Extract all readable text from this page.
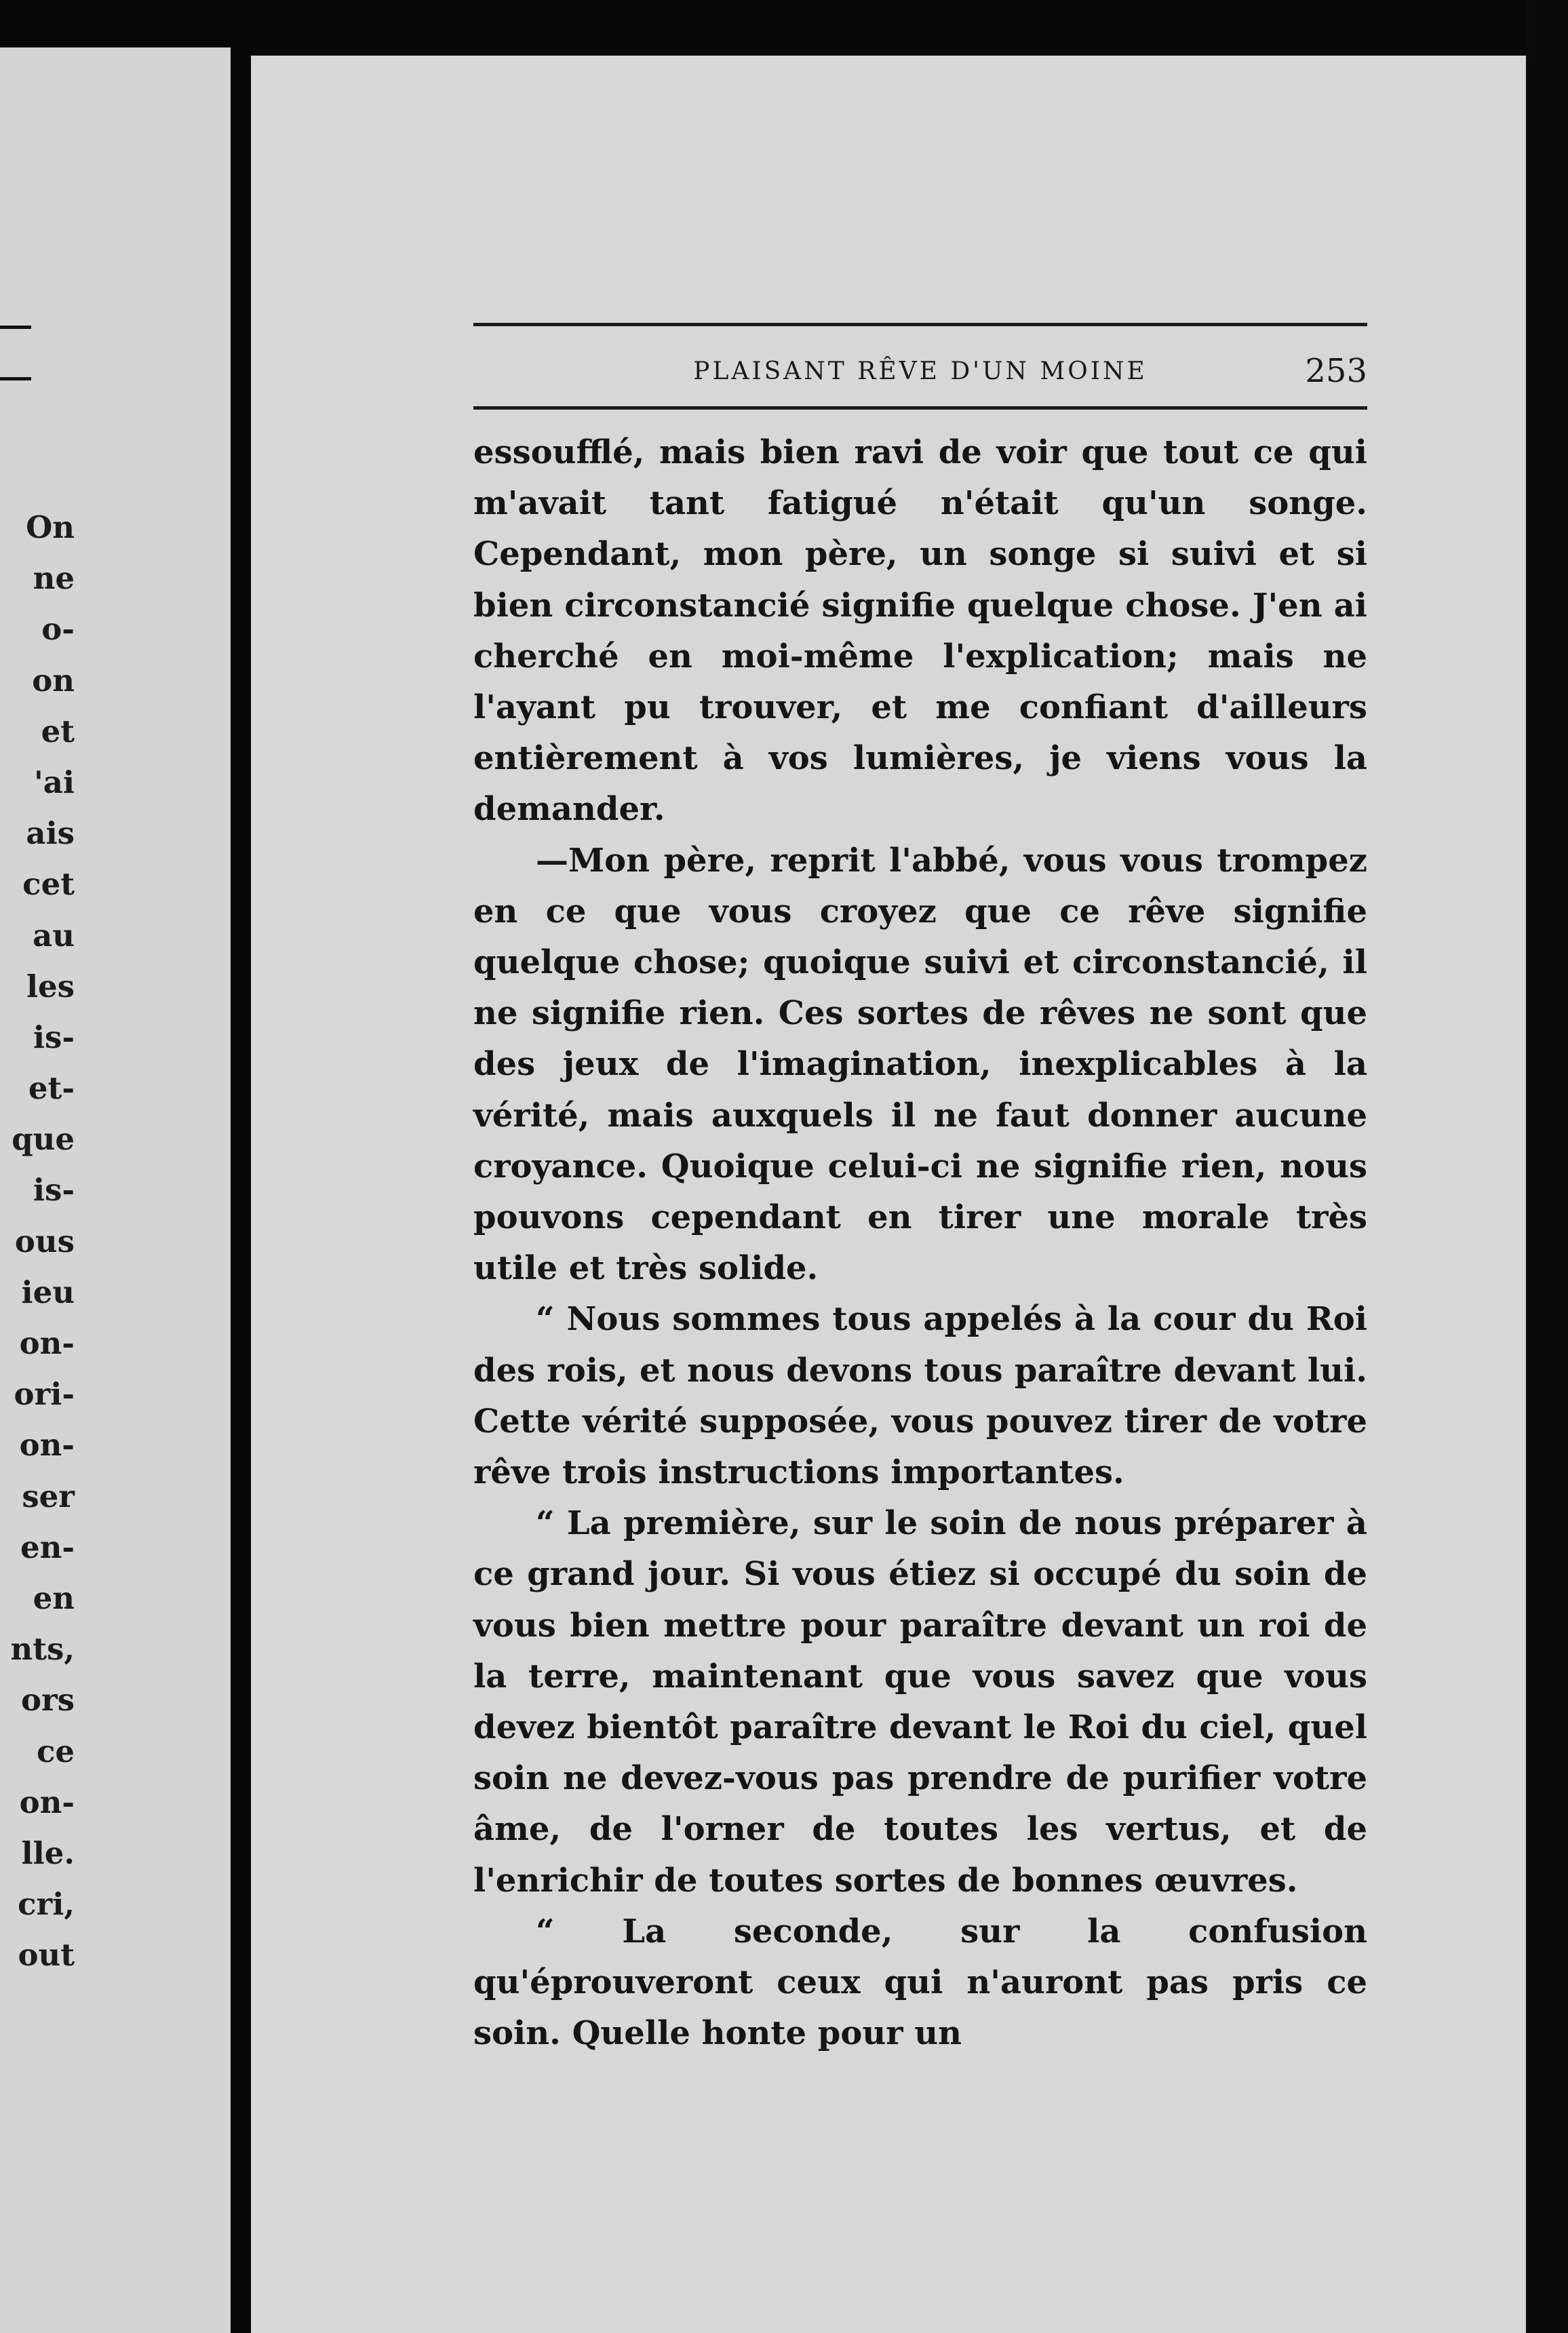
On
ne
o-
on
et
'ai
ais
cet
au
les
is-
et-
que
is-
ous
ieu
on-
ori-
on-
ser
en-
en
nts,
ors
ce
on-
lle.
cri,
out
PLAISANT RÊVE D'UN MOINE	253

essoufflé, mais bien ravi de voir que tout ce qui m'avait tant fatigué n'était qu'un songe. Cependant, mon père, un songe si suivi et si bien circonstancié signifie quelque chose. J'en ai cherché en moi-même l'explication; mais ne l'ayant pu trouver, et me confiant d'ailleurs entièrement à vos lumières, je viens vous la demander.

—Mon père, reprit l'abbé, vous vous trompez en ce que vous croyez que ce rêve signifie quelque chose; quoique suivi et circonstancié, il ne signifie rien. Ces sortes de rêves ne sont que des jeux de l'imagination, inexplicables à la vérité, mais auxquels il ne faut donner aucune croyance. Quoique celui-ci ne signifie rien, nous pouvons cependant en tirer une morale très utile et très solide.

“ Nous sommes tous appelés à la cour du Roi des rois, et nous devons tous paraître devant lui. Cette vérité supposée, vous pouvez tirer de votre rêve trois instructions importantes.

“ La première, sur le soin de nous préparer à ce grand jour. Si vous étiez si occupé du soin de vous bien mettre pour paraître devant un roi de la terre, maintenant que vous savez que vous devez bientôt paraître devant le Roi du ciel, quel soin ne devez-vous pas prendre de purifier votre âme, de l'orner de toutes les vertus, et de l'enrichir de toutes sortes de bonnes œuvres.

“ La seconde, sur la confusion qu'éprouveront ceux qui n'auront pas pris ce soin. Quelle honte pour un
